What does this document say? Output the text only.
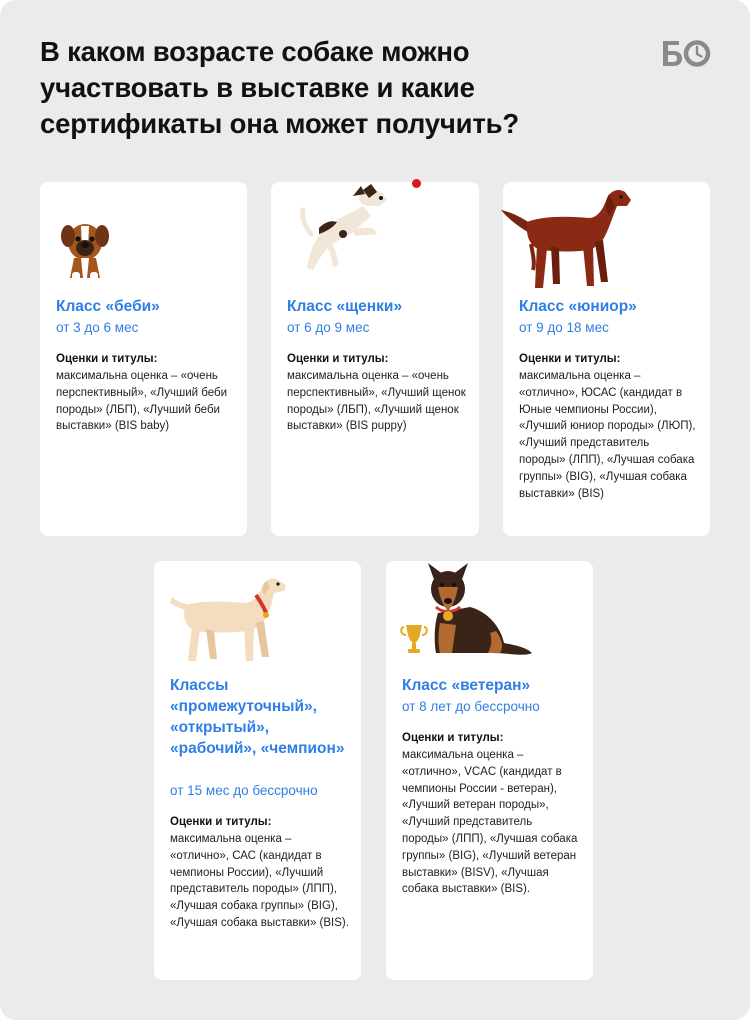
В каком возрасте собаке можно участвовать в выставке и какие сертификаты она может получить?
Класс «беби»
от 3 до 6 мес
Оценки и титулы:
максимальна оценка – «очень перспективный», «Лучший беби породы» (ЛБП), «Лучший беби выставки» (BIS baby)
Класс «щенки»
от 6 до 9 мес
Оценки и титулы:
максимальна оценка – «очень перспективный», «Лучший щенок породы» (ЛБП), «Лучший щенок выставки» (BIS puppy)
Класс «юниор»
от 9 до 18 мес
Оценки и титулы:
максимальна оценка – «отлично», ЮСАС (кандидат в Юные чемпионы России), «Лучший юниор породы» (ЛЮП), «Лучший представитель породы» (ЛПП), «Лучшая собака группы» (BIG), «Лучшая собака выставки» (BIS)
Классы «промежуточный», «открытый», «рабочий», «чемпион»
от 15 мес до бессрочно
Оценки и титулы:
максимальна оценка – «отлично», САС (кандидат в чемпионы России), «Лучший представитель породы» (ЛПП), «Лучшая собака группы» (BIG), «Лучшая собака выставки» (BIS).
Класс «ветеран»
от 8 лет до бессрочно
Оценки и титулы:
максимальна оценка – «отлично», VCAC (кандидат в чемпионы России - ветеран), «Лучший ветеран породы», «Лучший представитель породы» (ЛПП), «Лучшая собака группы» (BIG), «Лучший ветеран выставки» (BISV), «Лучшая собака выставки» (BIS).
